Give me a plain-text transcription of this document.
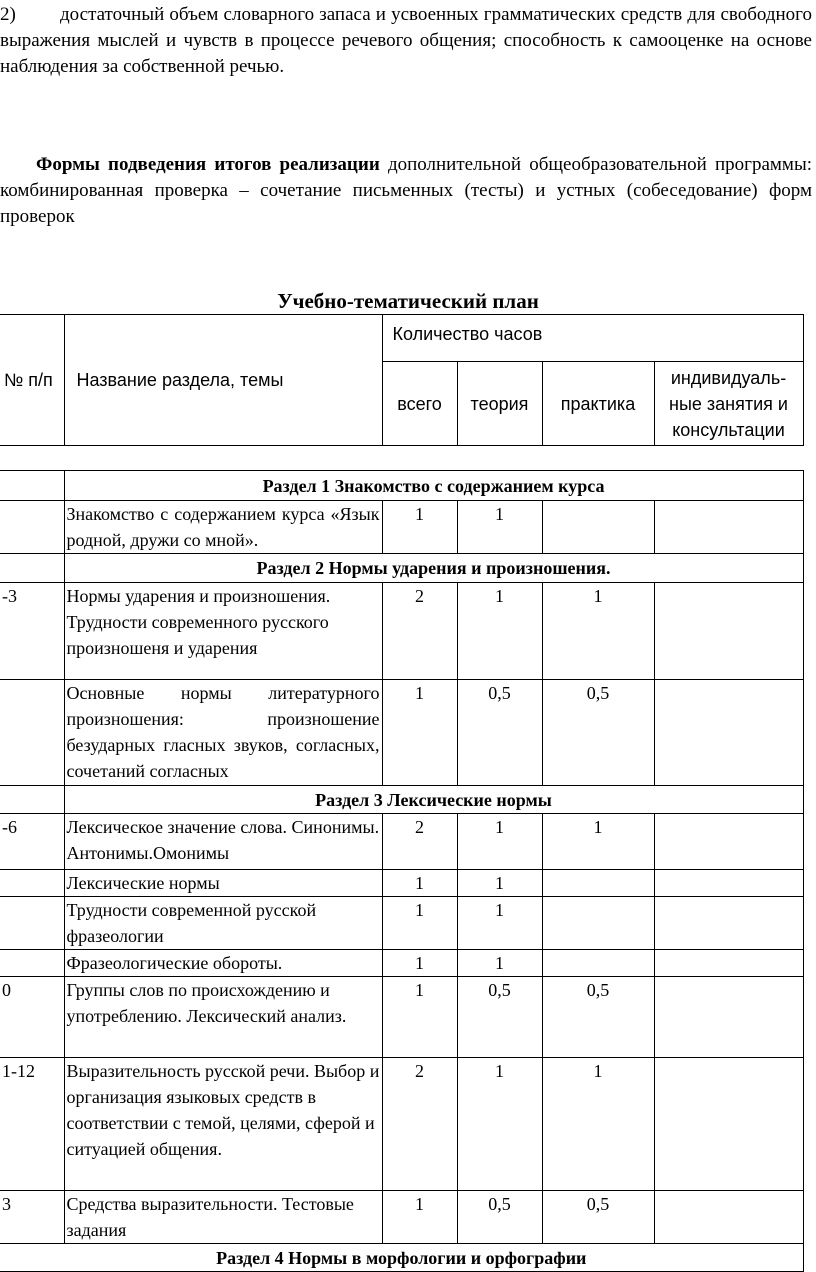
2) достаточный объем словарного запаса и усвоенных грамматических средств для свободного выражения мыслей и чувств в процессе речевого общения; способность к самооценке на основе наблюдения за собственной речью.
Формы подведения итогов реализации дополнительной общеобразовательной программы: комбинированная проверка – сочетание письменных (тесты) и устных (собеседование) форм проверок
Учебно-тематический план
№ п/п	Название раздела, темы	Количество часов			
		всего	теория	практика	индивидуаль- ные занятия и консультации
	Раздел 1 Знакомство с содержанием курса				
	Знакомство с содержанием курса «Язык родной, дружи со мной».	1	1		
	Раздел 2 Нормы ударения и произношения.				
-3	Нормы ударения и произношения. Трудности современного русского произношеня и ударения	2	1	1	
	Основные нормы литературного произношения: произношение безударных гласных звуков, согласных, сочетаний согласных	1	0,5	0,5	
	Раздел 3 Лексические нормы				
-6	Лексическое значение слова. Синонимы. Антонимы.Омонимы	2	1	1	
	Лексические нормы	1	1		
	Трудности современной русской фразеологии	1	1		
	Фразеологические обороты.	1	1		
0	Группы слов по происхождению и употреблению. Лексический анализ.	1	0,5	0,5	
1-12	Выразительность русской речи. Выбор и организация языковых средств в соответствии с темой, целями, сферой и ситуацией общения.	2	1	1	
3	Средства выразительности. Тестовые задания	1	0,5	0,5	
Раздел 4 Нормы в морфологии и орфографии					
